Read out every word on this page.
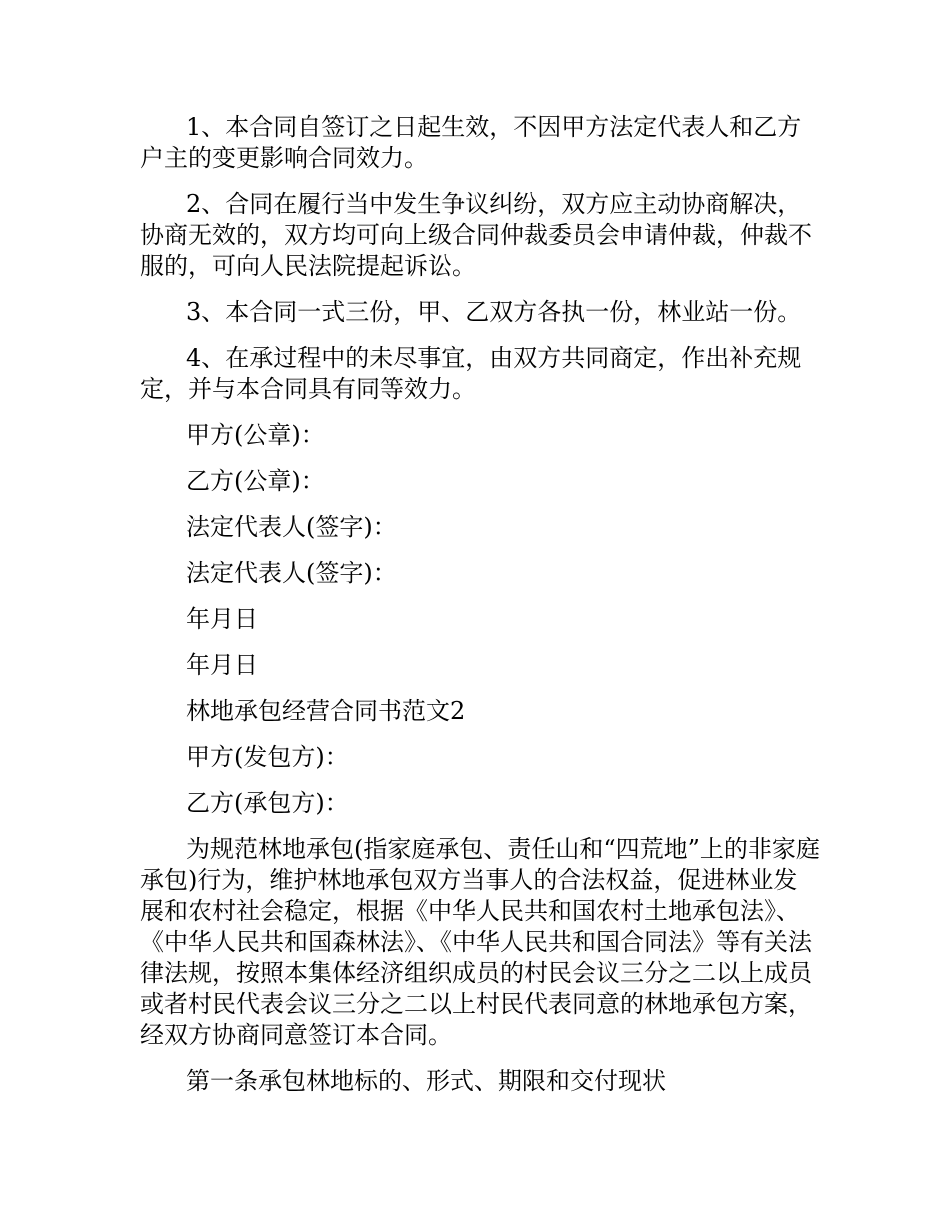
1、本合同自签订之日起生效，不因甲方法定代表人和乙方户主的变更影响合同效力。

2、合同在履行当中发生争议纠纷，双方应主动协商解决，协商无效的，双方均可向上级合同仲裁委员会申请仲裁，仲裁不服的，可向人民法院提起诉讼。

3、本合同一式三份，甲、乙双方各执一份，林业站一份。

4、在承过程中的未尽事宜，由双方共同商定，作出补充规定，并与本合同具有同等效力。

甲方(公章)：

乙方(公章)：

法定代表人(签字)：

法定代表人(签字)：

年月日

年月日

林地承包经营合同书范文2

甲方(发包方)：

乙方(承包方)：

为规范林地承包(指家庭承包、责任山和“四荒地”上的非家庭承包)行为，维护林地承包双方当事人的合法权益，促进林业发展和农村社会稳定，根据《中华人民共和国农村土地承包法》、《中华人民共和国森林法》、《中华人民共和国合同法》等有关法律法规，按照本集体经济组织成员的村民会议三分之二以上成员或者村民代表会议三分之二以上村民代表同意的林地承包方案，经双方协商同意签订本合同。

第一条承包林地标的、形式、期限和交付现状
